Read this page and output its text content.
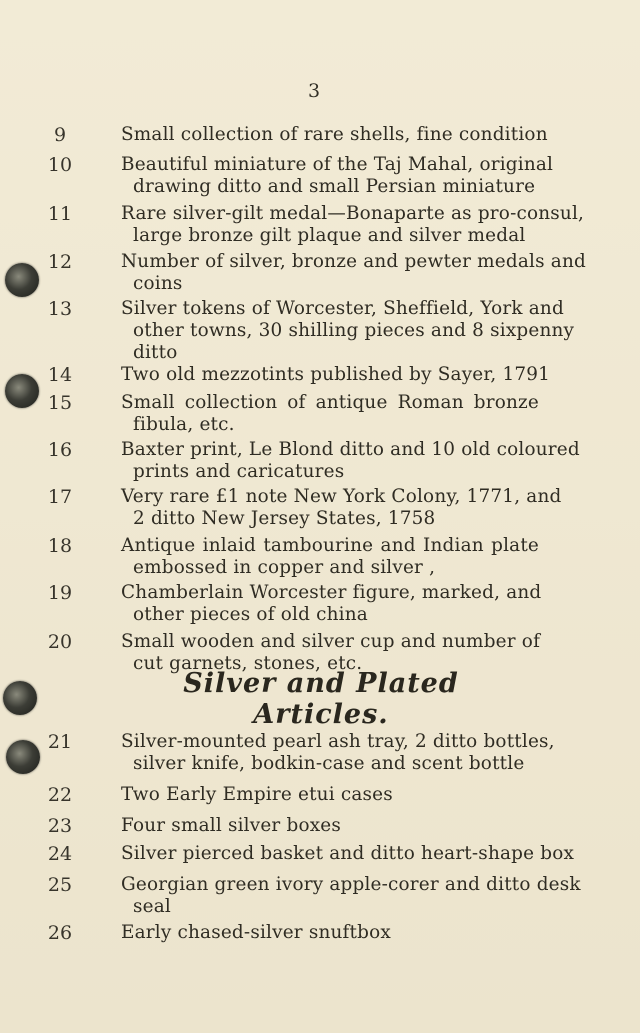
3
9	Small collection of rare shells, fine condition
10	Beautiful miniature of the Taj Mahal, original
drawing ditto and small Persian miniature
11	Rare silver-gilt medal—Bonaparte as pro-consul,
large bronze gilt plaque and silver medal
12	Number of silver, bronze and pewter medals and
coins
13	Silver tokens of Worcester, Sheffield, York and
other towns, 30 shilling pieces and 8 sixpenny
ditto
14	Two old mezzotints published by Sayer, 1791
15	Small collection of antique Roman bronze
fibula, etc.
16	Baxter print, Le Blond ditto and 10 old coloured
prints and caricatures
17	Very rare £1 note New York Colony, 1771, and
2 ditto New Jersey States, 1758
18	Antique inlaid tambourine and Indian plate
embossed in copper and silver ,
19	Chamberlain Worcester figure, marked, and
other pieces of old china
20	Small wooden and silver cup and number of
cut garnets, stones, etc.
21	Silver-mounted pearl ash tray, 2 ditto bottles,
silver knife, bodkin-case and scent bottle
22	Two Early Empire etui cases
23	Four small silver boxes
24	Silver pierced basket and ditto heart-shape box
25	Georgian green ivory apple-corer and ditto desk
seal
26	Early chased-silver snuftbox
Silver and Plated Articles.
